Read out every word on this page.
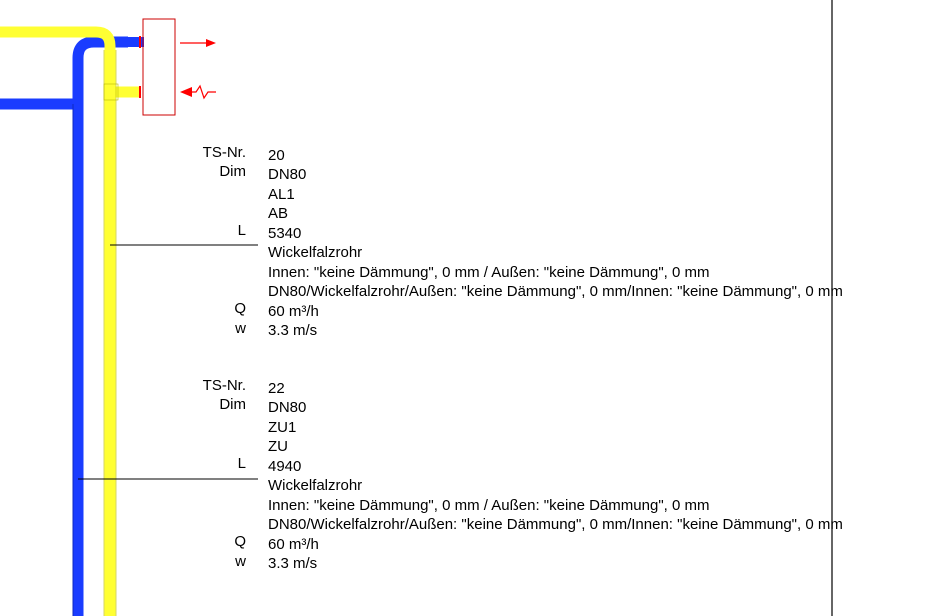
TS-Nr.
Dim
L
Q
w
20
DN80
AL1
AB
5340
Wickelfalzrohr
Innen: "keine Dämmung", 0 mm / Außen: "keine Dämmung", 0 mm
DN80/Wickelfalzrohr/Außen: "keine Dämmung", 0 mm/Innen: "keine Dämmung", 0 mm
60 m³/h
3.3 m/s
TS-Nr.
Dim
L
Q
w
22
DN80
ZU1
ZU
4940
Wickelfalzrohr
Innen: "keine Dämmung", 0 mm / Außen: "keine Dämmung", 0 mm
DN80/Wickelfalzrohr/Außen: "keine Dämmung", 0 mm/Innen: "keine Dämmung", 0 mm
60 m³/h
3.3 m/s
